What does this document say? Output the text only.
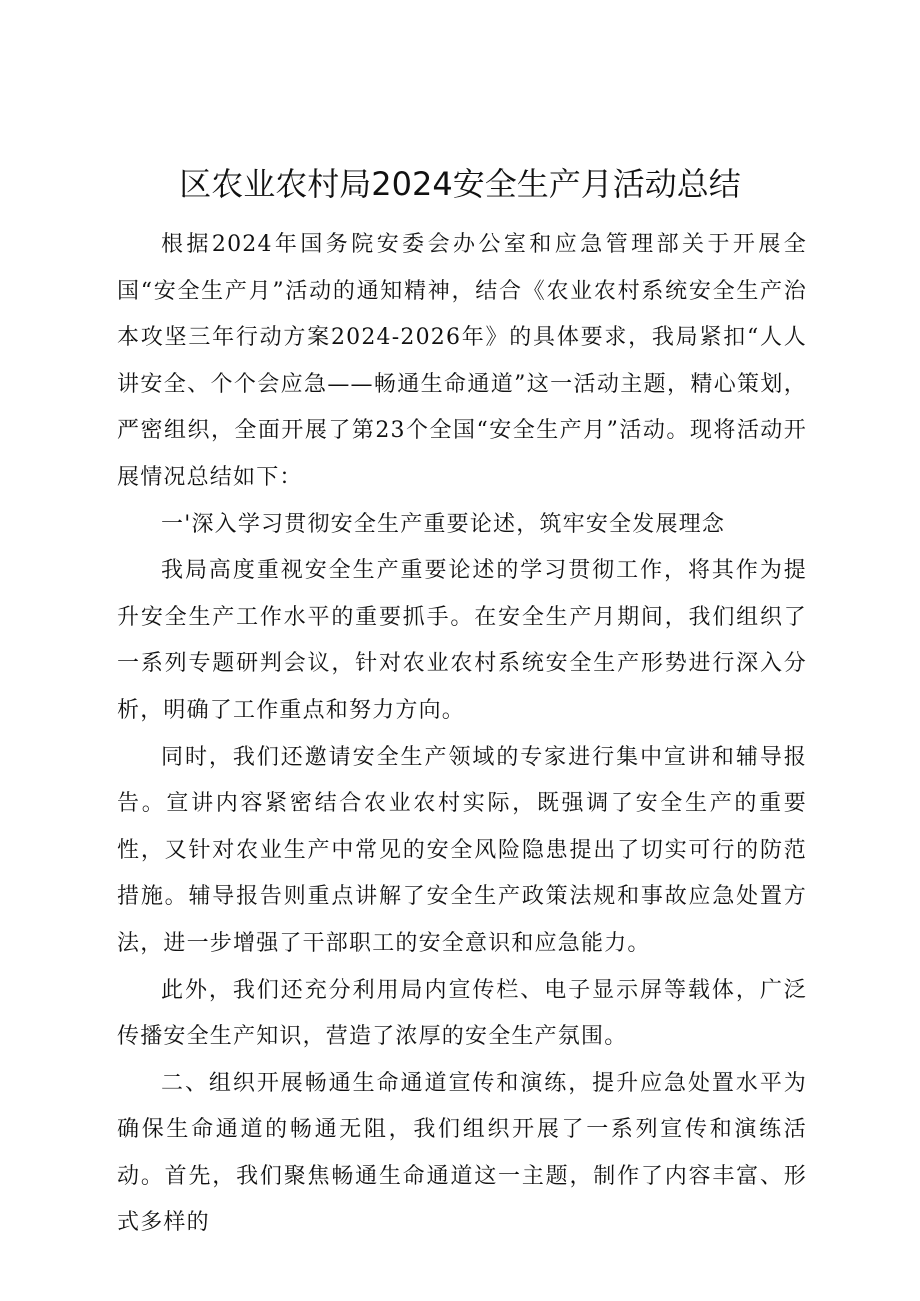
区农业农村局2024安全生产月活动总结

根据2024年国务院安委会办公室和应急管理部关于开展全国“安全生产月”活动的通知精神，结合《农业农村系统安全生产治本攻坚三年行动方案2024-2026年》的具体要求，我局紧扣“人人讲安全、个个会应急——畅通生命通道”这一活动主题，精心策划，严密组织，全面开展了第23个全国“安全生产月”活动。现将活动开展情况总结如下：

一'深入学习贯彻安全生产重要论述，筑牢安全发展理念

我局高度重视安全生产重要论述的学习贯彻工作，将其作为提升安全生产工作水平的重要抓手。在安全生产月期间，我们组织了一系列专题研判会议，针对农业农村系统安全生产形势进行深入分析，明确了工作重点和努力方向。

同时，我们还邀请安全生产领域的专家进行集中宣讲和辅导报告。宣讲内容紧密结合农业农村实际，既强调了安全生产的重要性，又针对农业生产中常见的安全风险隐患提出了切实可行的防范措施。辅导报告则重点讲解了安全生产政策法规和事故应急处置方法，进一步增强了干部职工的安全意识和应急能力。

此外，我们还充分利用局内宣传栏、电子显示屏等载体，广泛传播安全生产知识，营造了浓厚的安全生产氛围。

二、组织开展畅通生命通道宣传和演练，提升应急处置水平为确保生命通道的畅通无阻，我们组织开展了一系列宣传和演练活动。首先，我们聚焦畅通生命通道这一主题，制作了内容丰富、形式多样的
